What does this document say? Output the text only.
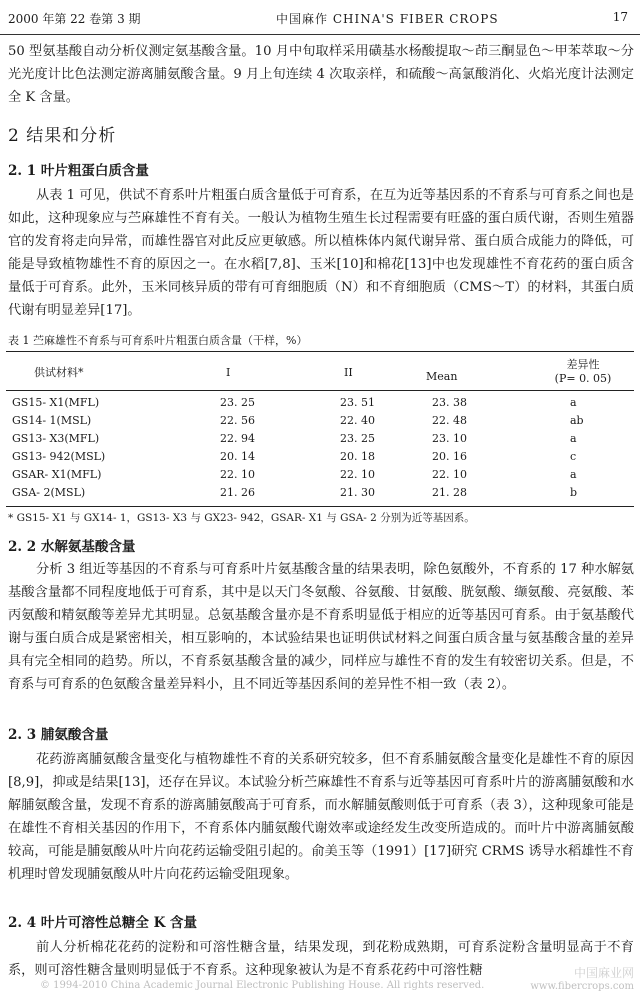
2000 年第 22 卷第 3 期	中国麻作 CHINA'S FIBER CROPS	17

50 型氨基酸自动分析仪测定氨基酸含量。10 月中旬取样采用磺基水杨酸提取～茚三酮显色～甲苯萃取～分光光度计比色法测定游离脯氨酸含量。9 月上旬连续 4 次取亲样，和硫酸～高氯酸消化、火焰光度计法测定全 K 含量。

2 结果和分析
2. 1 叶片粗蛋白质含量

从表 1 可见，供试不育系叶片粗蛋白质含量低于可育系，在互为近等基因系的不育系与可育系之间也是如此，这种现象应与苎麻雄性不育有关。一般认为植物生殖生长过程需要有旺盛的蛋白质代谢，否则生殖器官的发育将走向异常，而雄性器官对此反应更敏感。所以植株体内氮代谢异常、蛋白质合成能力的降低，可能是导致植物雄性不育的原因之一。在水稻[7,8]、玉米[10]和棉花[13]中也发现雄性不育花药的蛋白质含量低于可育系。此外，玉米同核异质的带有可育细胞质（N）和不育细胞质（CMS～T）的材料，其蛋白质代谢有明显差异[17]。

表 1 苎麻雄性不育系与可育系叶片粗蛋白质含量（干样，%）
供试材料*	I	II	Mean
差异性
(P= 0. 05)
GS15- X1(MFL)	23. 25	23. 51	23. 38	a
GS14- 1(MSL)	22. 56	22. 40	22. 48	ab
GS13- X3(MFL)	22. 94	23. 25	23. 10	a
GS13- 942(MSL)	20. 14	20. 18	20. 16	c
GSAR- X1(MFL)	22. 10	22. 10	22. 10	a
GSA- 2(MSL)	21. 26	21. 30	21. 28	b
* GS15- X1 与 GX14- 1，GS13- X3 与 GX23- 942，GSAR- X1 与 GSA- 2 分别为近等基因系。
2. 2 水解氨基酸含量

分析 3 组近等基因的不育系与可育系叶片氨基酸含量的结果表明，除色氨酸外，不育系的 17 种水解氨基酸含量都不同程度地低于可育系，其中是以天门冬氨酸、谷氨酸、甘氨酸、胱氨酸、缬氨酸、亮氨酸、苯丙氨酸和精氨酸等差异尤其明显。总氨基酸含量亦是不育系明显低于相应的近等基因可育系。由于氨基酸代谢与蛋白质合成是紧密相关，相互影响的，本试验结果也证明供试材料之间蛋白质含量与氨基酸含量的差异具有完全相同的趋势。所以，不育系氨基酸含量的减少，同样应与雄性不育的发生有较密切关系。但是，不育系与可育系的色氨酸含量差异料小，且不同近等基因系间的差异性不相一致（表 2）。

2. 3 脯氨酸含量

花药游离脯氨酸含量变化与植物雄性不育的关系研究较多，但不育系脯氨酸含量变化是雄性不育的原因[8,9]，抑或是结果[13]，还存在异议。本试验分析苎麻雄性不育系与近等基因可育系叶片的游离脯氨酸和水解脯氨酸含量，发现不育系的游离脯氨酸高于可育系，而水解脯氨酸则低于可育系（表 3），这种现象可能是在雄性不育相关基因的作用下，不育系体内脯氨酸代谢效率或途经发生改变所造成的。而叶片中游离脯氨酸较高，可能是脯氨酸从叶片向花药运输受阻引起的。俞美玉等（1991）[17]研究 CRMS 诱导水稻雄性不育机理时曾发现脯氨酸从叶片向花药运输受阻现象。

2. 4 叶片可溶性总糖全 K 含量

前人分析棉花花药的淀粉和可溶性糖含量，结果发现，到花粉成熟期，可育系淀粉含量明显高于不育系，则可溶性糖含量则明显低于不育系。这种现象被认为是不育系花药中可溶性糖

© 1994-2010 China Academic Journal Electronic Publishing House. All rights reserved.
中国麻业网
www.fibercrops.com
